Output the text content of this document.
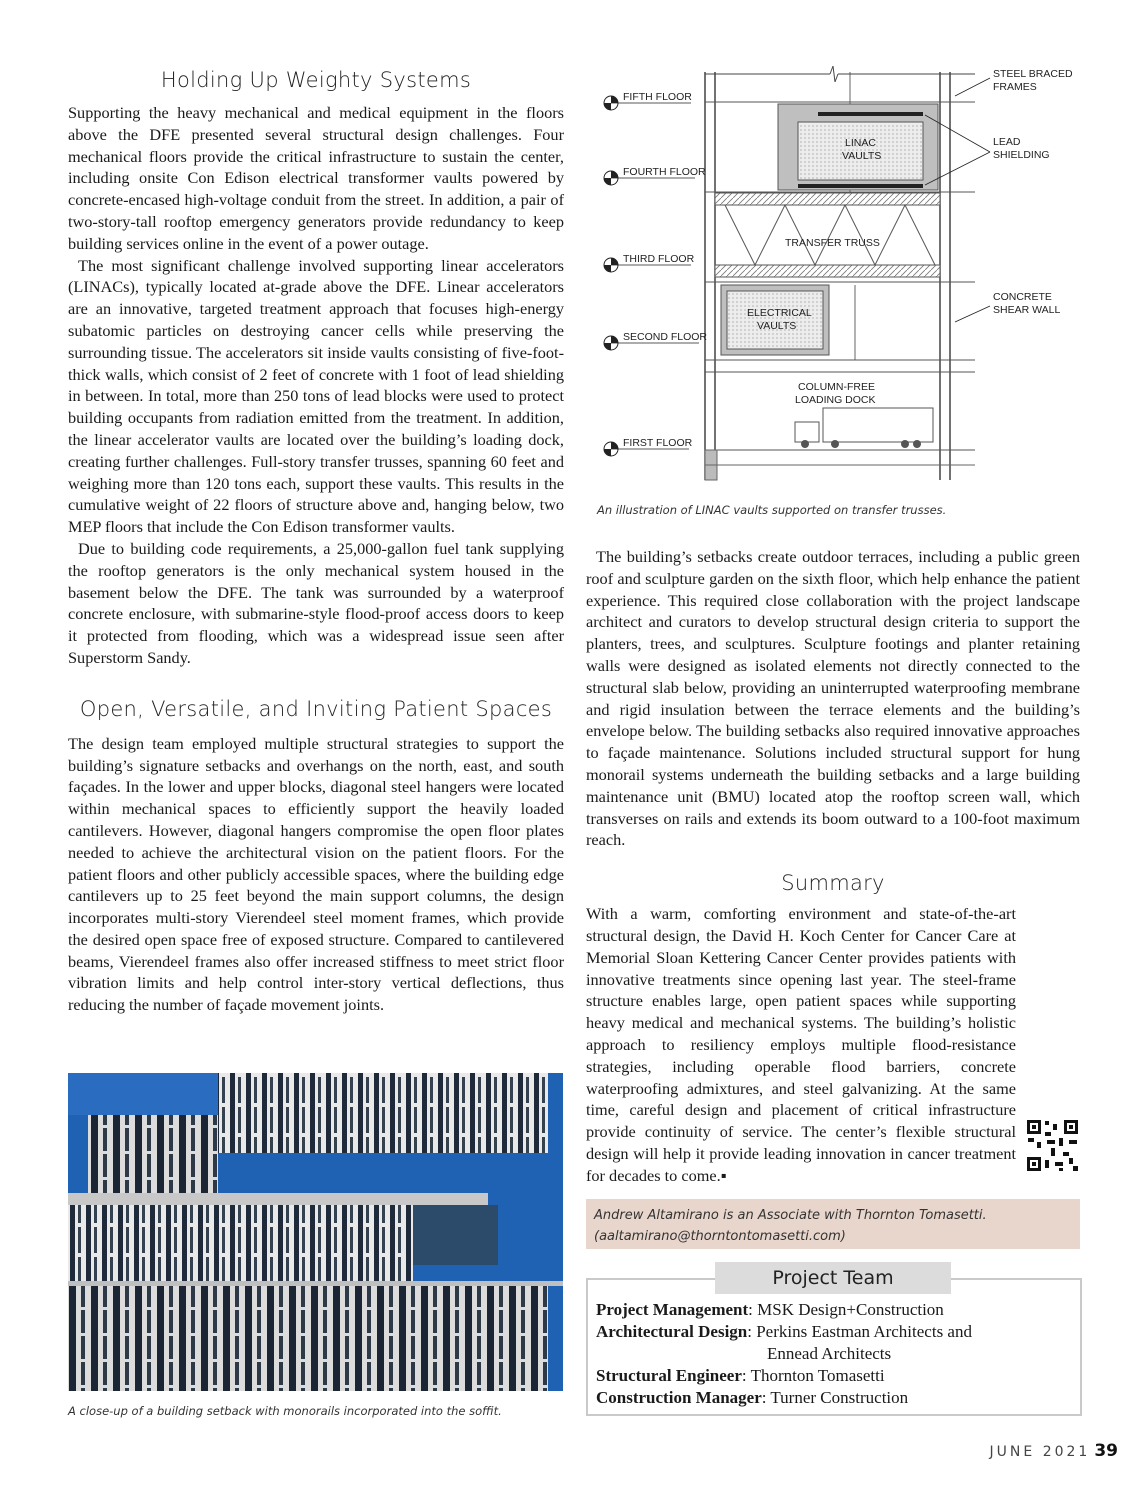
Holding Up Weighty Systems

Supporting the heavy mechanical and medical equipment in the floors above the DFE presented several structural design challenges. Four mechanical floors provide the critical infrastructure to sustain the center, including onsite Con Edison electrical transformer vaults powered by concrete-encased high-voltage conduit from the street. In addition, a pair of two-story-tall rooftop emergency generators provide redundancy to keep building services online in the event of a power outage.

The most significant challenge involved supporting linear accelerators (LINACs), typically located at-grade above the DFE. Linear accelerators are an innovative, targeted treatment approach that focuses high-energy subatomic particles on destroying cancer cells while preserving the surrounding tissue. The accelerators sit inside vaults consisting of five-foot-thick walls, which consist of 2 feet of concrete with 1 foot of lead shielding in between. In total, more than 250 tons of lead blocks were used to protect building occupants from radiation emitted from the treatment. In addition, the linear accelerator vaults are located over the building’s loading dock, creating further challenges. Full-story transfer trusses, spanning 60 feet and weighing more than 120 tons each, support these vaults. This results in the cumulative weight of 22 floors of structure above and, hanging below, two MEP floors that include the Con Edison transformer vaults.

Due to building code requirements, a 25,000-gallon fuel tank supplying the rooftop generators is the only mechanical system housed in the basement below the DFE. The tank was surrounded by a waterproof concrete enclosure, with submarine-style flood-proof access doors to keep it protected from flooding, which was a widespread issue seen after Superstorm Sandy.

Open, Versatile, and Inviting Patient Spaces

The design team employed multiple structural strategies to support the building’s signature setbacks and overhangs on the north, east, and south façades. In the lower and upper blocks, diagonal steel hangers were located within mechanical spaces to efficiently support the heavily loaded cantilevers. However, diagonal hangers compromise the open floor plates needed to achieve the architectural vision on the patient floors. For the patient floors and other publicly accessible spaces, where the building edge cantilevers up to 25 feet beyond the main support columns, the design incorporates multi-story Vierendeel steel moment frames, which provide the desired open space free of exposed structure. Compared to cantilevered beams, Vierendeel frames also offer increased stiffness to meet strict floor vibration limits and help control inter-story vertical deflections, thus reducing the number of façade movement joints.

A close-up of a building setback with monorails incorporated into the soffit.
FIFTH FLOOR
FOURTH FLOOR
THIRD FLOOR
SECOND FLOOR
FIRST FLOOR
LINAC
VAULTS
TRANSFER TRUSS
ELECTRICAL
VAULTS
COLUMN-FREE
LOADING DOCK
STEEL BRACED
FRAMES
LEAD
SHIELDING
CONCRETE
SHEAR WALL
An illustration of LINAC vaults supported on transfer trusses.

The building’s setbacks create outdoor terraces, including a public green roof and sculpture garden on the sixth floor, which help enhance the patient experience. This required close collaboration with the project landscape architect and curators to develop structural design criteria to support the planters, trees, and sculptures. Sculpture footings and planter retaining walls were designed as isolated elements not directly connected to the structural slab below, providing an uninterrupted waterproofing membrane and rigid insulation between the terrace elements and the building’s envelope below. The building setbacks also required innovative approaches to façade maintenance. Solutions included structural support for hung monorail systems underneath the building setbacks and a large building maintenance unit (BMU) located atop the rooftop screen wall, which transverses on rails and extends its boom outward to a 100-foot maximum reach.

Summary

With a warm, comforting environment and state-of-the-art structural design, the David H. Koch Center for Cancer Care at Memorial Sloan Kettering Cancer Center provides patients with innovative treatments since opening last year. The steel-frame structure enables large, open patient spaces while supporting heavy medical and mechanical systems. The building’s holistic approach to resiliency employs multiple flood-resistance strategies, including operable flood barriers, concrete waterproofing admixtures, and steel galvanizing. At the same time, careful design and placement of critical infrastructure provide continuity of service. The center’s flexible structural design will help it provide leading innovation in cancer treatment for decades to come.▪

Andrew Altamirano is an Associate with Thornton Tomasetti.
(aaltamirano@thorntontomasetti.com)

Project Team
Project Management: MSK Design+Construction
Architectural Design: Perkins Eastman Architects and
Ennead Architects
Structural Engineer: Thornton Tomasetti
Construction Manager: Turner Construction
JUNE 2021 39
